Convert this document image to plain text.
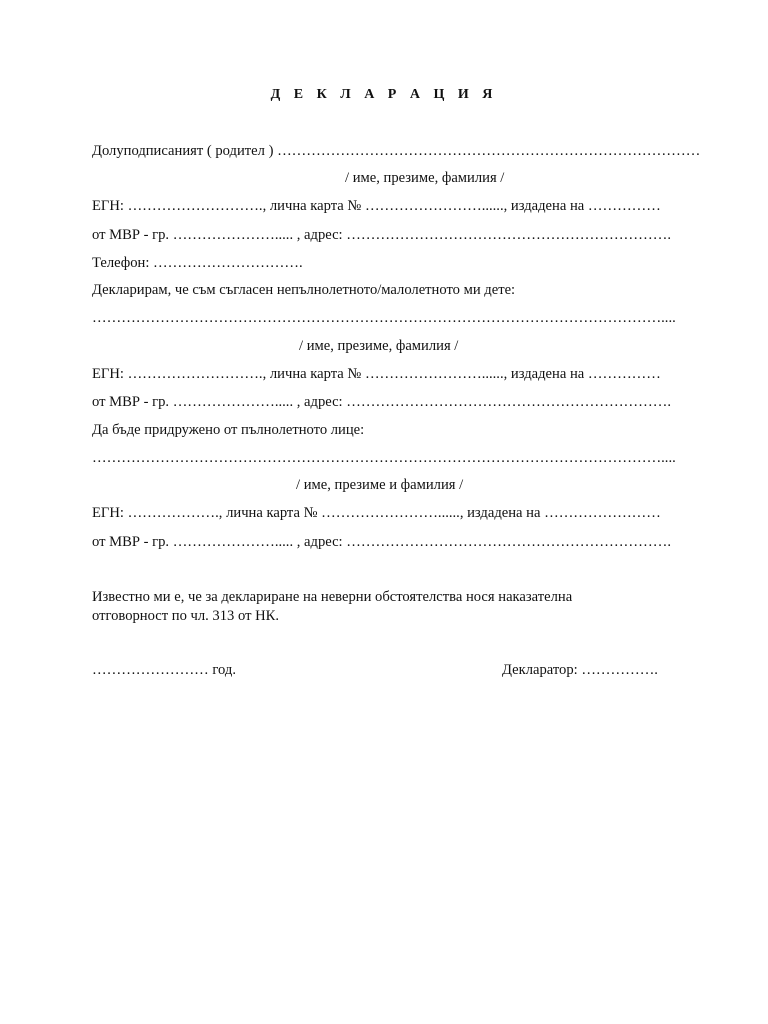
Д Е К Л А Р А Ц И Я
Долуподписаният ( родител ) ……………………………………………………………………………
/ име, презиме, фамилия /
ЕГН: ………………………., лична карта № ……………………......, издадена на ……………
от МВР - гр. …………………..... , адрес: ………………………………………………………….
Телефон: ………………………….
Декларирам, че съм съгласен непълнолетното/малолетното ми дете:
………………………………………………………………………………………………………....
/ име, презиме, фамилия /
ЕГН: ………………………., лична карта № ……………………......, издадена на ……………
от МВР - гр. …………………..... , адрес: ………………………………………………………….
Да бъде придружено от пълнолетното лице:
………………………………………………………………………………………………………....
/ име, презиме и фамилия /
ЕГН: ………………., лична карта № ……………………......, издадена на ……………………
от МВР - гр. …………………..... , адрес: ………………………………………………………….
Известно ми е, че за деклариране на неверни обстоятелства нося наказателна
отговорност по чл. 313 от НК.
…………………… год.	Декларатор: …………….
